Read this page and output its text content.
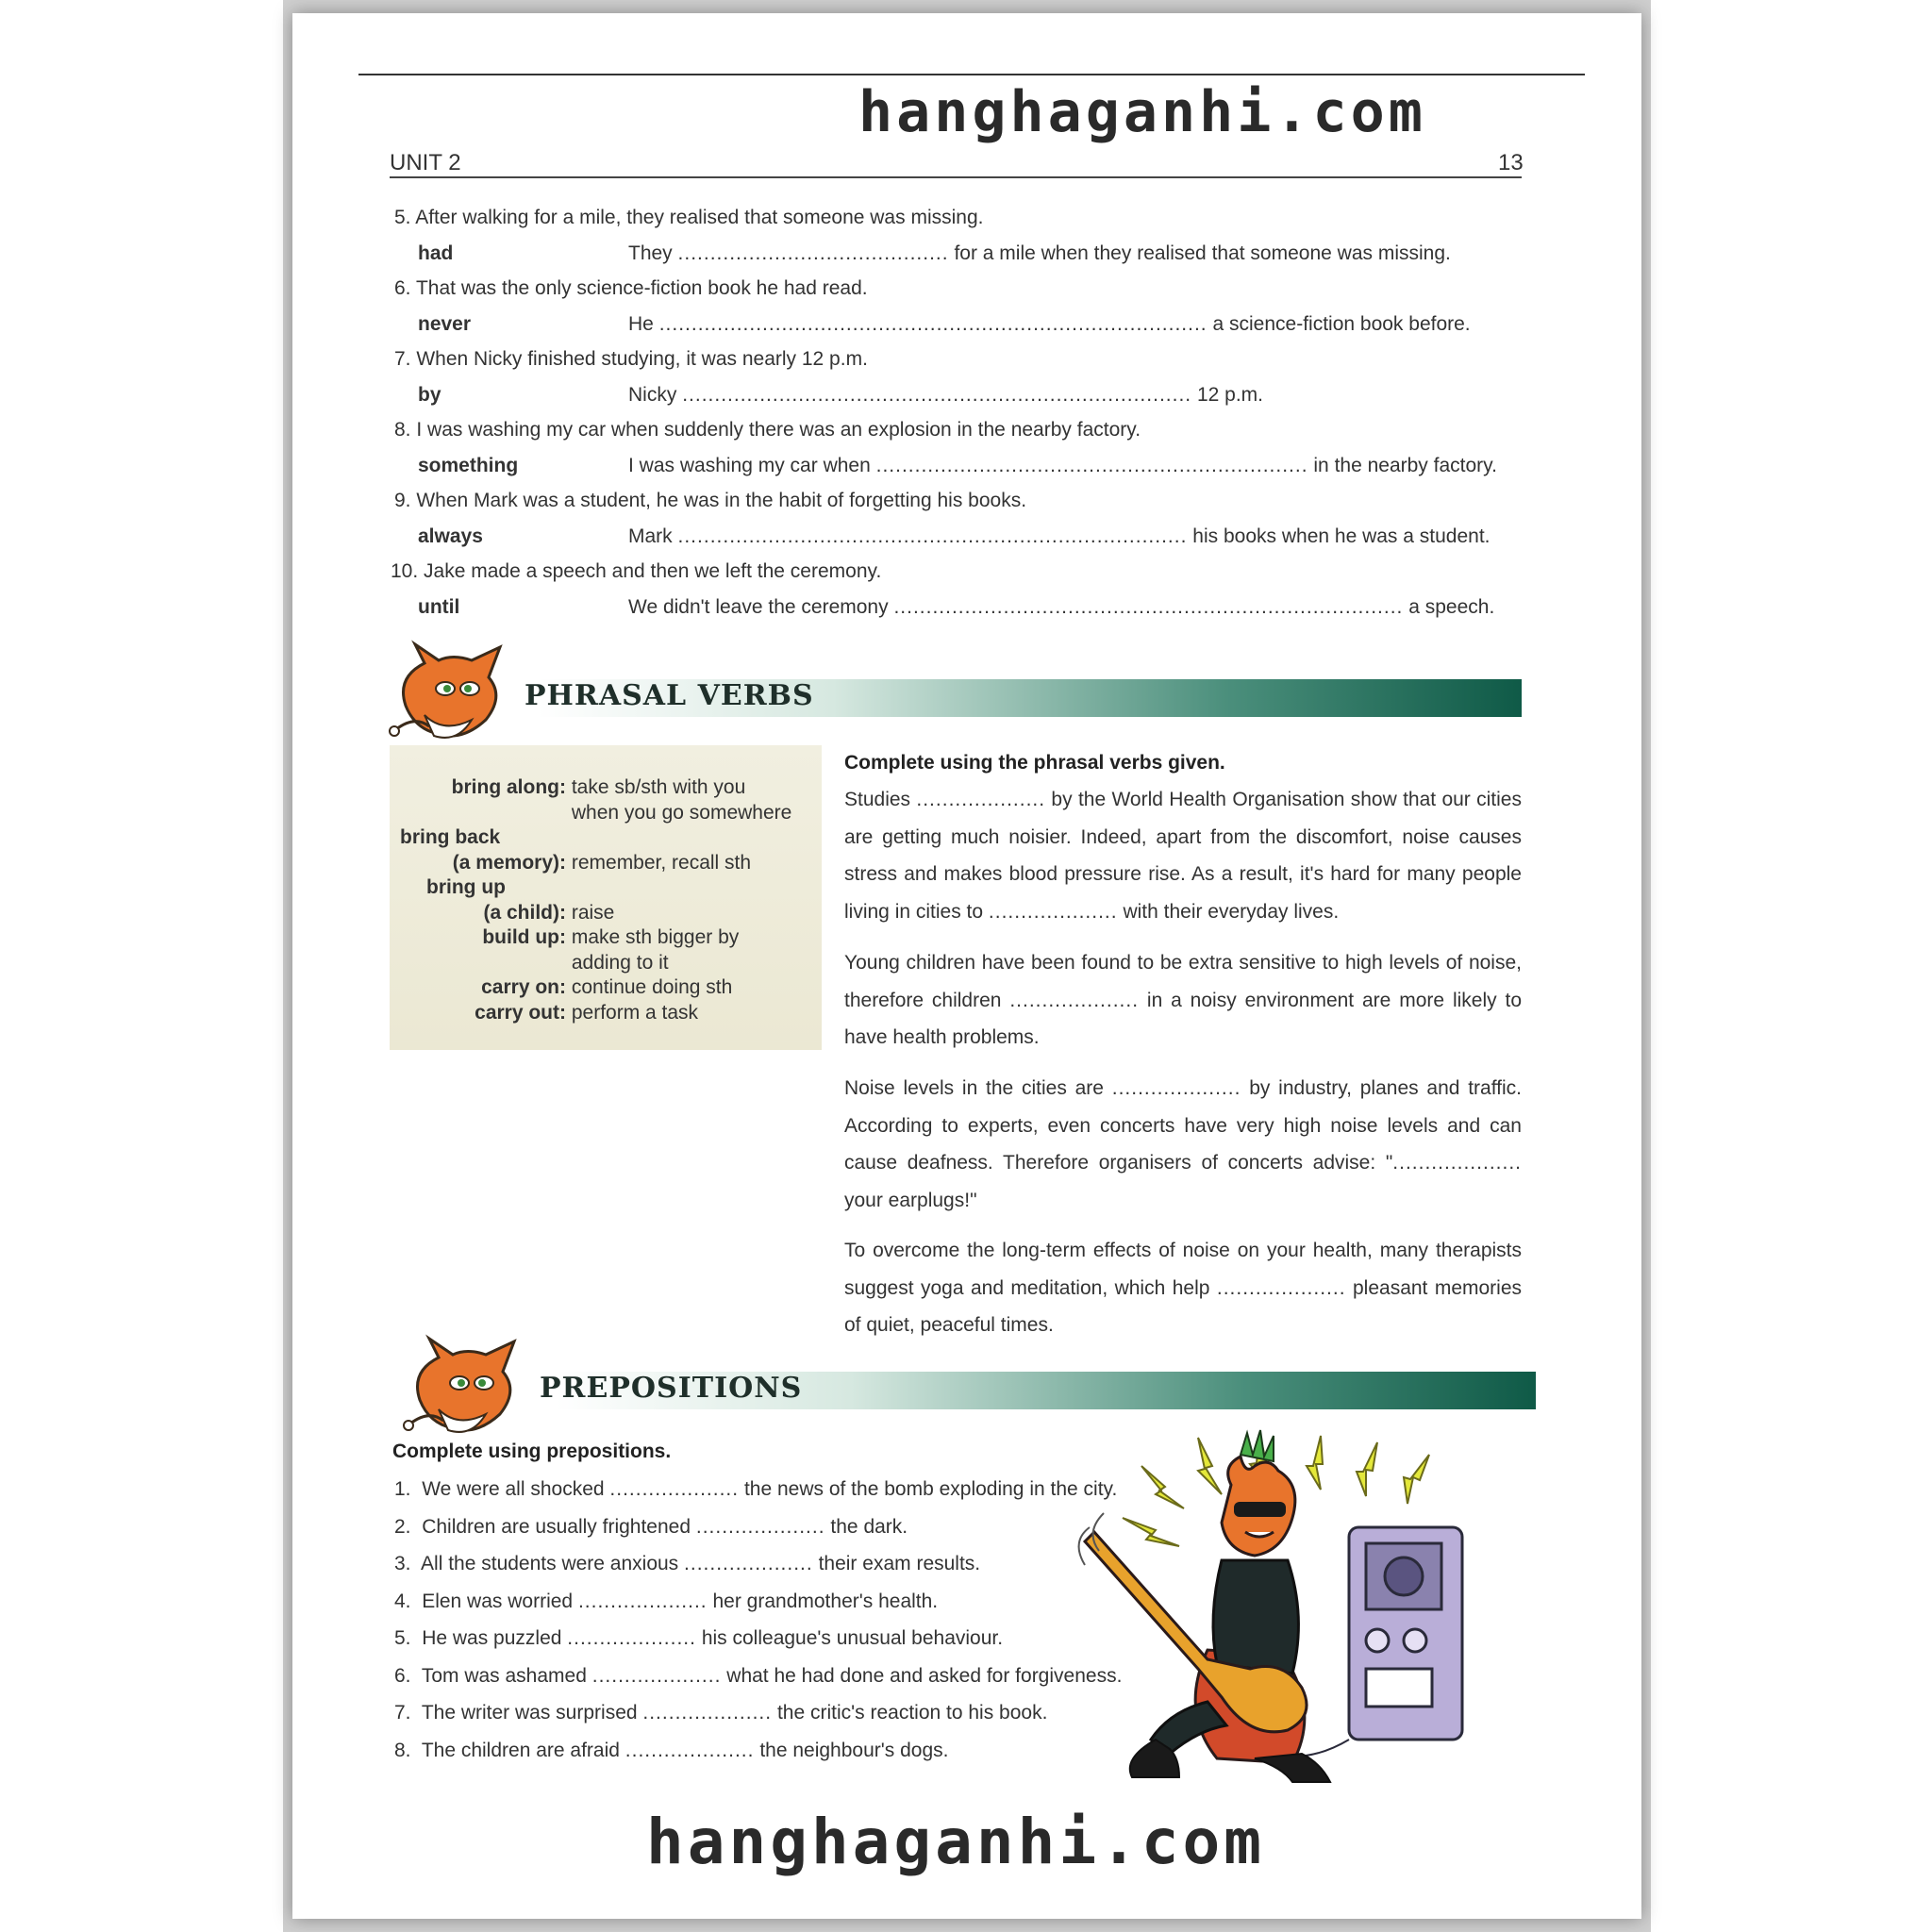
hanghaganhi.com
UNIT 2	13
5. After walking for a mile, they realised that someone was missing.
had	They .......................................... for a mile when they realised that someone was missing.
6. That was the only science-fiction book he had read.
never	He ..................................................................................... a science-fiction book before.
7. When Nicky finished studying, it was nearly 12 p.m.
by	Nicky ............................................................................... 12 p.m.
8. I was washing my car when suddenly there was an explosion in the nearby factory.
something	I was washing my car when ................................................................... in the nearby factory.
9. When Mark was a student, he was in the habit of forgetting his books.
always	Mark ............................................................................... his books when he was a student.
10. Jake made a speech and then we left the ceremony.
until	We didn't leave the ceremony ............................................................................... a speech.
PHRASAL VERBS
bring along: take sb/sth with you
when you go somewhere
bring back
(a memory): remember, recall sth
bring up
(a child): raise
build up: make sth bigger by
adding to it
carry on: continue doing sth
carry out: perform a task
Complete using the phrasal verbs given.
Studies .................... by the World Health Organisation show that our cities are getting much noisier. Indeed, apart from the discomfort, noise causes stress and makes blood pressure rise. As a result, it's hard for many people living in cities to .................... with their everyday lives.
Young children have been found to be extra sensitive to high levels of noise, therefore children .................... in a noisy environment are more likely to have health problems.
Noise levels in the cities are .................... by industry, planes and traffic. According to experts, even concerts have very high noise levels and can cause deafness. Therefore organisers of concerts advise: ".................... your earplugs!"
To overcome the long-term effects of noise on your health, many therapists suggest yoga and meditation, which help .................... pleasant memories of quiet, peaceful times.
PREPOSITIONS
Complete using prepositions.
1. We were all shocked .................... the news of the bomb exploding in the city.
2. Children are usually frightened .................... the dark.
3. All the students were anxious .................... their exam results.
4. Elen was worried .................... her grandmother's health.
5. He was puzzled .................... his colleague's unusual behaviour.
6. Tom was ashamed .................... what he had done and asked for forgiveness.
7. The writer was surprised .................... the critic's reaction to his book.
8. The children are afraid .................... the neighbour's dogs.
hanghaganhi.com
